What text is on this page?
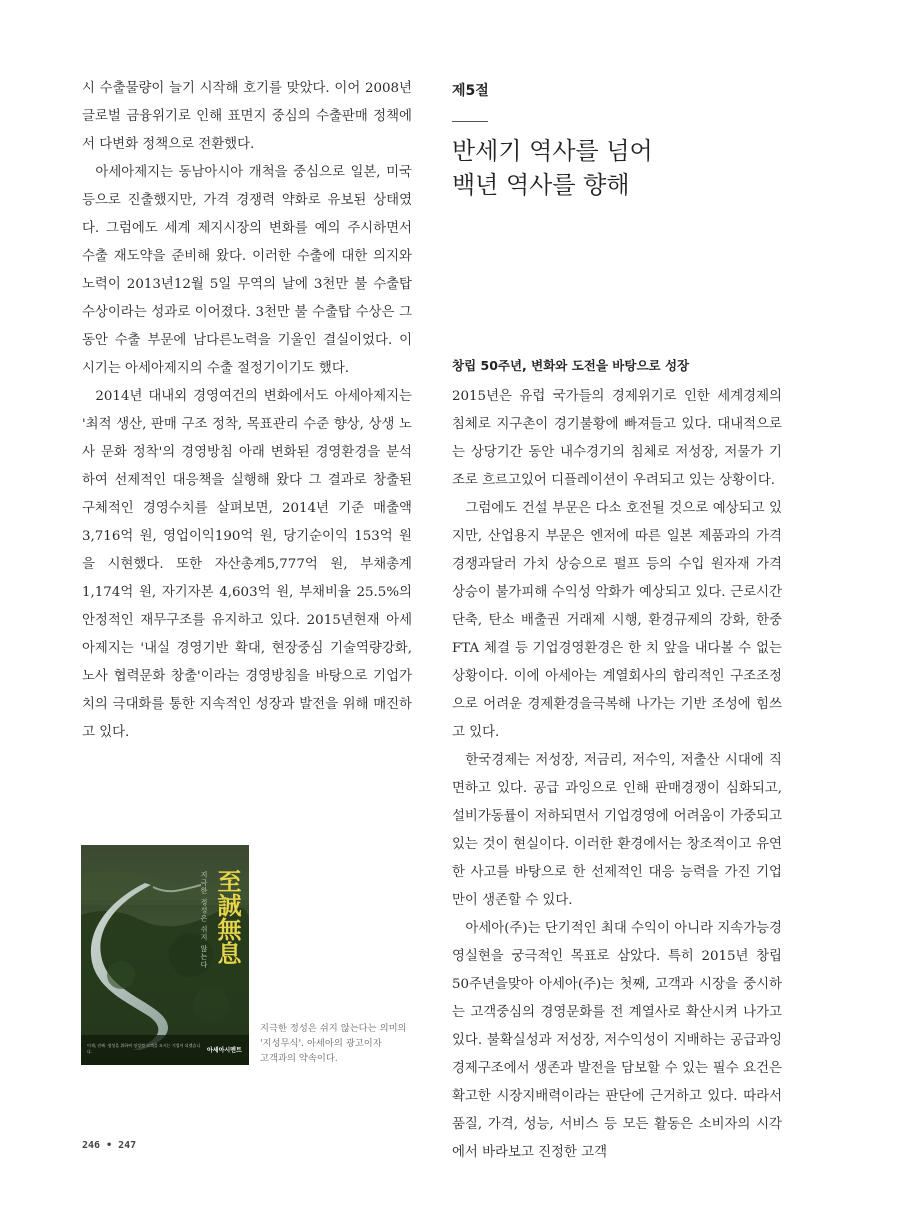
시 수출물량이 늘기 시작해 호기를 맞았다. 이어 2008년 글로벌 금융위기로 인해 표면지 중심의 수출판매 정책에서 다변화 정책으로 전환했다.

아세아제지는 동남아시아 개척을 중심으로 일본, 미국 등으로 진출했지만, 가격 경쟁력 약화로 유보된 상태였다. 그럼에도 세계 제지시장의 변화를 예의 주시하면서 수출 재도약을 준비해 왔다. 이러한 수출에 대한 의지와 노력이 2013년12월 5일 무역의 날에 3천만 불 수출탑 수상이라는 성과로 이어졌다. 3천만 불 수출탑 수상은 그동안 수출 부문에 남다른노력을 기울인 결실이었다. 이 시기는 아세아제지의 수출 절정기이기도 했다.

2014년 대내외 경영여건의 변화에서도 아세아제지는 '최적 생산, 판매 구조 정착, 목표관리 수준 향상, 상생 노사 문화 정착'의 경영방침 아래 변화된 경영환경을 분석하여 선제적인 대응책을 실행해 왔다 그 결과로 창출된 구체적인 경영수치를 살펴보면, 2014년 기준 매출액 3,716억 원, 영업이익190억 원, 당기순이익 153억 원을 시현했다. 또한 자산총계5,777억 원, 부채총계 1,174억 원, 자기자본 4,603억 원, 부채비율 25.5%의 안정적인 재무구조를 유지하고 있다. 2015년현재 아세아제지는 '내실 경영기반 확대, 현장중심 기술역량강화, 노사 협력문화 창출'이라는 경영방침을 바탕으로 기업가치의 극대화를 통한 지속적인 성장과 발전을 위해 매진하고 있다.

제5절

반세기 역사를 넘어
백년 역사를 향해
창립 50주년, 변화와 도전을 바탕으로 성장

2015년은 유럽 국가들의 경제위기로 인한 세계경제의 침체로 지구촌이 경기불황에 빠져들고 있다. 대내적으로는 상당기간 동안 내수경기의 침체로 저성장, 저물가 기조로 흐르고있어 디플레이션이 우려되고 있는 상황이다.

그럼에도 건설 부문은 다소 호전될 것으로 예상되고 있지만, 산업용지 부문은 엔저에 따른 일본 제품과의 가격경쟁과달러 가치 상승으로 펄프 등의 수입 원자재 가격 상승이 불가피해 수익성 악화가 예상되고 있다. 근로시간 단축, 탄소 배출권 거래제 시행, 환경규제의 강화, 한중 FTA 체결 등 기업경영환경은 한 치 앞을 내다볼 수 없는 상황이다. 이에 아세아는 계열회사의 합리적인 구조조정으로 어려운 경제환경을극복해 나가는 기반 조성에 힘쓰고 있다.

한국경제는 저성장, 저금리, 저수익, 저출산 시대에 직면하고 있다. 공급 과잉으로 인해 판매경쟁이 심화되고, 설비가동률이 저하되면서 기업경영에 어려움이 가중되고 있는 것이 현실이다. 이러한 환경에서는 창조적이고 유연한 사고를 바탕으로 한 선제적인 대응 능력을 가진 기업만이 생존할 수 있다.

아세아(주)는 단기적인 최대 수익이 아니라 지속가능경영실현을 궁극적인 목표로 삼았다. 특히 2015년 창립 50주년을맞아 아세아(주)는 첫째, 고객과 시장을 중시하는 고객중심의 경영문화를 전 계열사로 확산시켜 나가고 있다. 불확실성과 저성장, 저수익성이 지배하는 공급과잉 경제구조에서 생존과 발전을 담보할 수 있는 필수 요건은 확고한 시장지배력이라는 판단에 근거하고 있다. 따라서 품질, 가격, 성능, 서비스 등 모든 활동은 소비자의 시각에서 바라보고 진정한 고객

至誠無息
지극한 정성은 쉬지 않는다
이제, 진짜. 정성을 위하여 정성껏 고객을 모시는 기업이 되겠습니다.	아세아시멘트

지극한 정성은 쉬지 않는다는 의미의
'지성무식'. 아세아의 광고이자
고객과의 약속이다.

246 • 247
